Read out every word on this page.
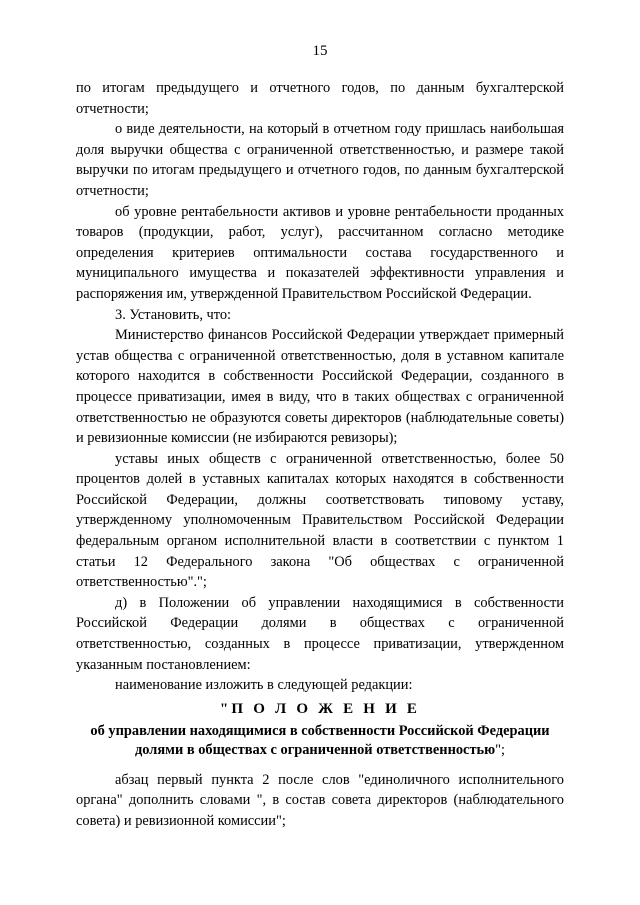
15

по итогам предыдущего и отчетного годов, по данным бухгалтерской отчетности;

о виде деятельности, на который в отчетном году пришлась наибольшая доля выручки общества с ограниченной ответственностью, и размере такой выручки по итогам предыдущего и отчетного годов, по данным бухгалтерской отчетности;

об уровне рентабельности активов и уровне рентабельности проданных товаров (продукции, работ, услуг), рассчитанном согласно методике определения критериев оптимальности состава государственного и муниципального имущества и показателей эффективности управления и распоряжения им, утвержденной Правительством Российской Федерации.

3. Установить, что:

Министерство финансов Российской Федерации утверждает примерный устав общества с ограниченной ответственностью, доля в уставном капитале которого находится в собственности Российской Федерации, созданного в процессе приватизации, имея в виду, что в таких обществах с ограниченной ответственностью не образуются советы директоров (наблюдательные советы) и ревизионные комиссии (не избираются ревизоры);

уставы иных обществ с ограниченной ответственностью, более 50 процентов долей в уставных капиталах которых находятся в собственности Российской Федерации, должны соответствовать типовому уставу, утвержденному уполномоченным Правительством Российской Федерации федеральным органом исполнительной власти в соответствии с пунктом 1 статьи 12 Федерального закона "Об обществах с ограниченной ответственностью".";

д) в Положении об управлении находящимися в собственности Российской Федерации долями в обществах с ограниченной ответственностью, созданных в процессе приватизации, утвержденном указанным постановлением:

наименование изложить в следующей редакции:

"П О Л О Ж Е Н И Е

об управлении находящимися в собственности Российской Федерации долями в обществах с ограниченной ответственностью";

абзац первый пункта 2 после слов "единоличного исполнительного органа" дополнить словами ", в состав совета директоров (наблюдательного совета) и ревизионной комиссии";
